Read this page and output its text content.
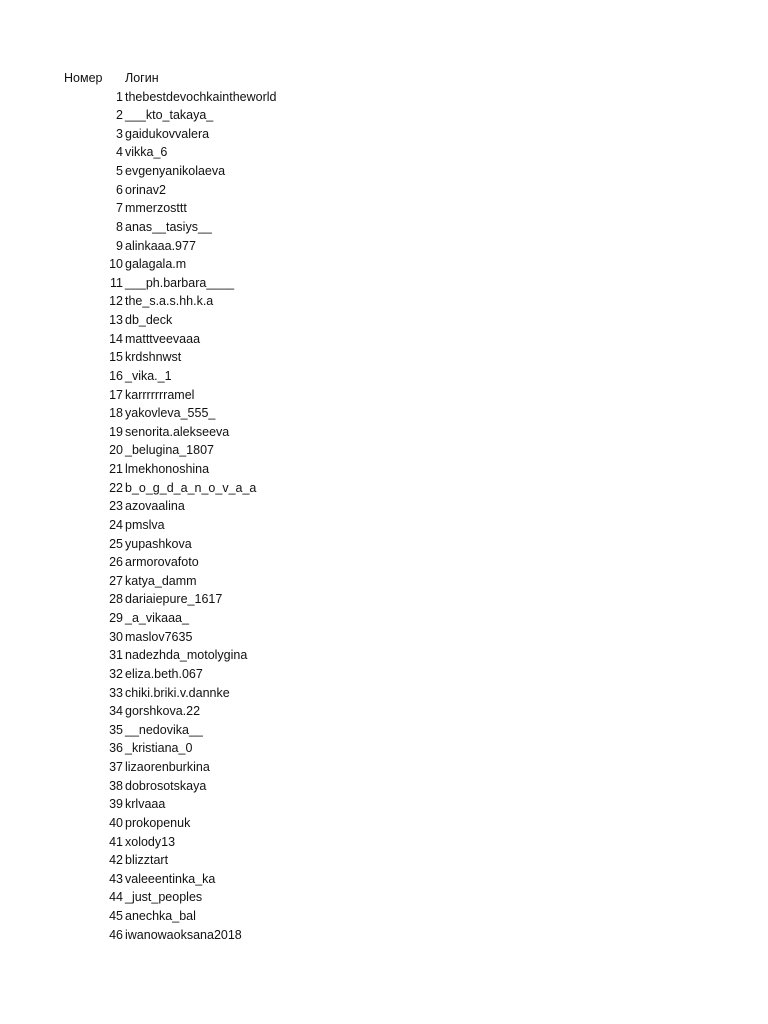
Номер Логин
1 thebestdevochkaintheworld
2 ___kto_takaya_
3 gaidukovvalera
4 vikka_6
5 evgenyanikolaeva
6 orinav2
7 mmerzosttt
8 anas__tasiys__
9 alinkaaa.977
10 galagala.m
11 ___ph.barbara____
12 the_s.a.s.hh.k.a
13 db_deck
14 matttveevaaa
15 krdshnwst
16 _vika._1
17 karrrrrrramel
18 yakovleva_555_
19 senorita.alekseeva
20 _belugina_1807
21 lmekhonoshina
22 b_o_g_d_a_n_o_v_a_a
23 azovaalina
24 pmslva
25 yupashkova
26 armorovafoto
27 katya_damm
28 dariaiepure_1617
29 _a_vikaaa_
30 maslov7635
31 nadezhda_motolygina
32 eliza.beth.067
33 chiki.briki.v.dannke
34 gorshkova.22
35 __nedovika__
36 _kristiana_0
37 lizaorenburkina
38 dobrosotskaya
39 krlvaaa
40 prokopenuk
41 xolody13
42 blizztart
43 valeeentinka_ka
44 _just_peoples
45 anechka_bal
46 iwanowaoksana2018
